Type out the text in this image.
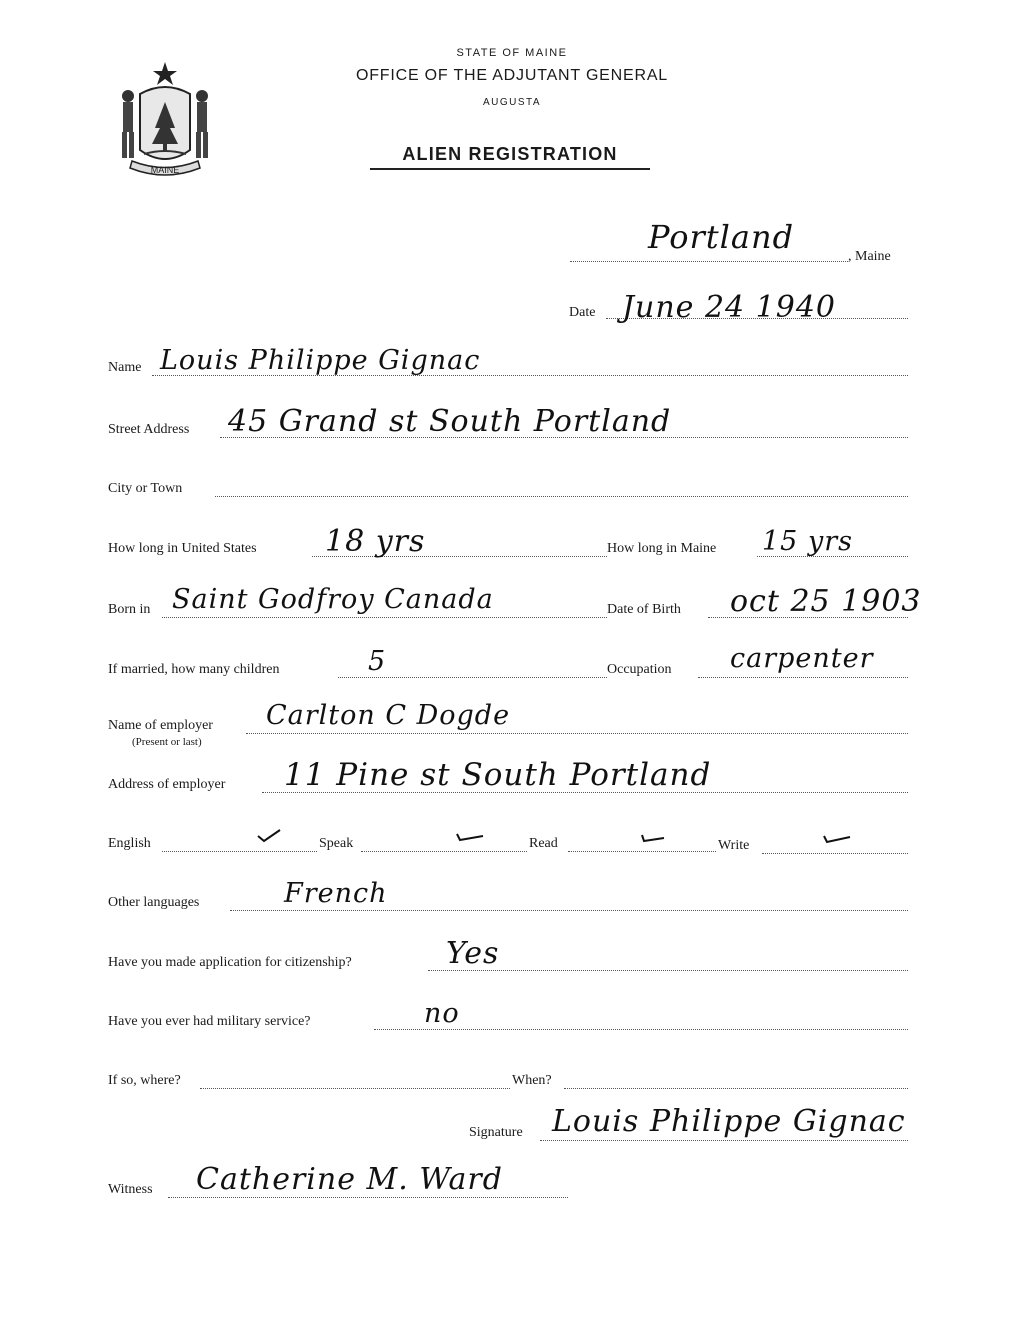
MAINE
STATE OF MAINE
OFFICE OF THE ADJUTANT GENERAL
AUGUSTA
ALIEN REGISTRATION
Portland
, Maine
Date June 24 1940
Name Louis Philippe Gignac
Street Address 45 Grand st South Portland
City or Town
How long in United States 18 yrs	How long in Maine 15 yrs
Born in Saint Godfroy Canada	Date of Birth oct 25 1903
If married, how many children	5	Occupation carpenter
Name of employer
(Present or last)
Carlton C Dogde
Address of employer 11 Pine st South Portland
English	Speak	Read	Write
Other languages	French
Have you made application for citizenship?	Yes
Have you ever had military service?	no
If so, where?	When?
Signature Louis Philippe Gignac
Witness Catherine M. Ward
